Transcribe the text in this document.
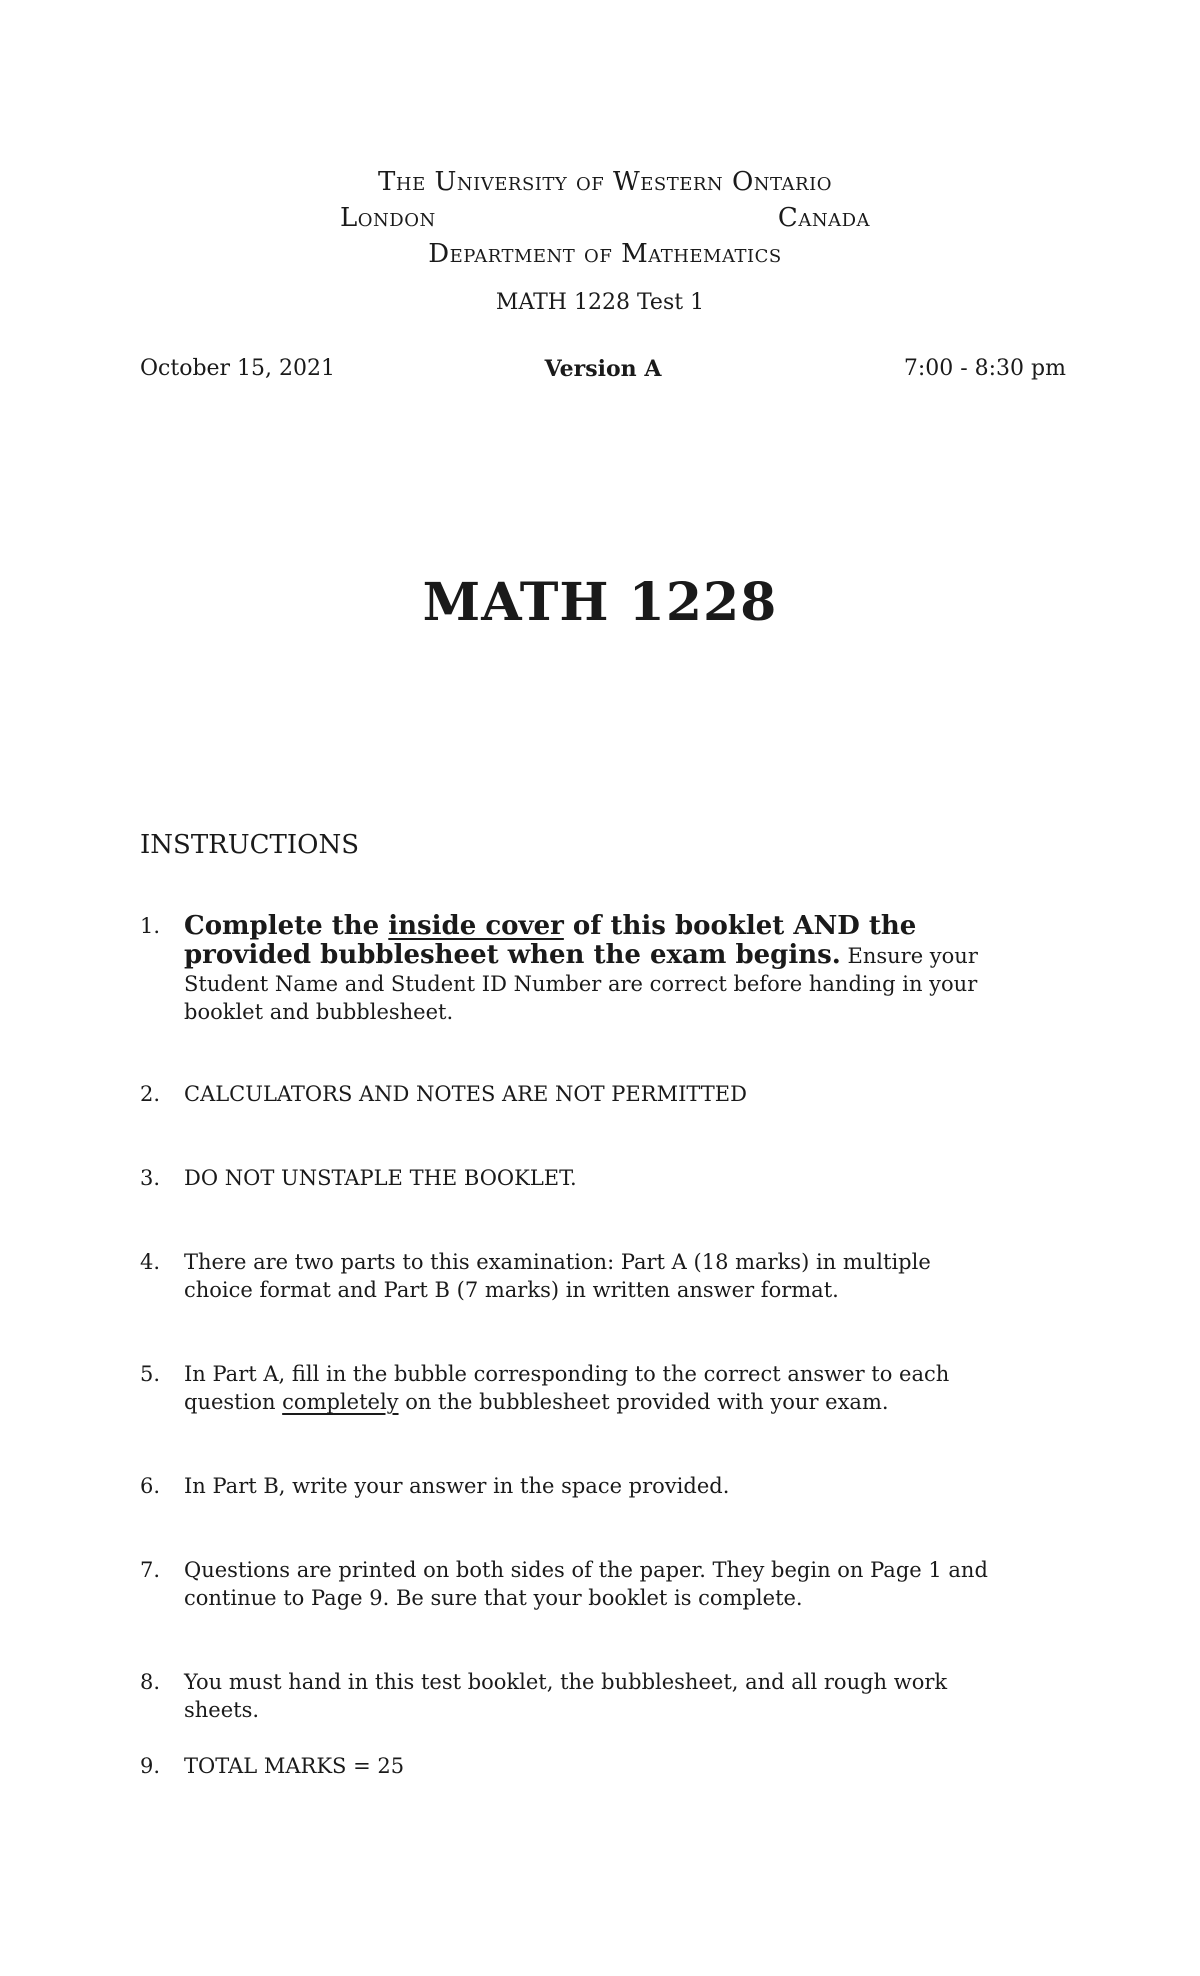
The University of Western Ontario
London	Canada
Department of Mathematics
MATH 1228 Test 1
October 15, 2021	Version A	7:00 - 8:30 pm
MATH 1228
INSTRUCTIONS
1. Complete the inside cover of this booklet AND the provided bubblesheet when the exam begins. Ensure your Student Name and Student ID Number are correct before handing in your booklet and bubblesheet.
2.	CALCULATORS AND NOTES ARE NOT PERMITTED
3.	DO NOT UNSTAPLE THE BOOKLET.
4.	There are two parts to this examination: Part A (18 marks) in multiple choice format and Part B (7 marks) in written answer format.
5.	In Part A, fill in the bubble corresponding to the correct answer to each question completely on the bubblesheet provided with your exam.
6.	In Part B, write your answer in the space provided.
7.	Questions are printed on both sides of the paper. They begin on Page 1 and continue to Page 9. Be sure that your booklet is complete.
8.	You must hand in this test booklet, the bubblesheet, and all rough work sheets.
9.	TOTAL MARKS = 25
